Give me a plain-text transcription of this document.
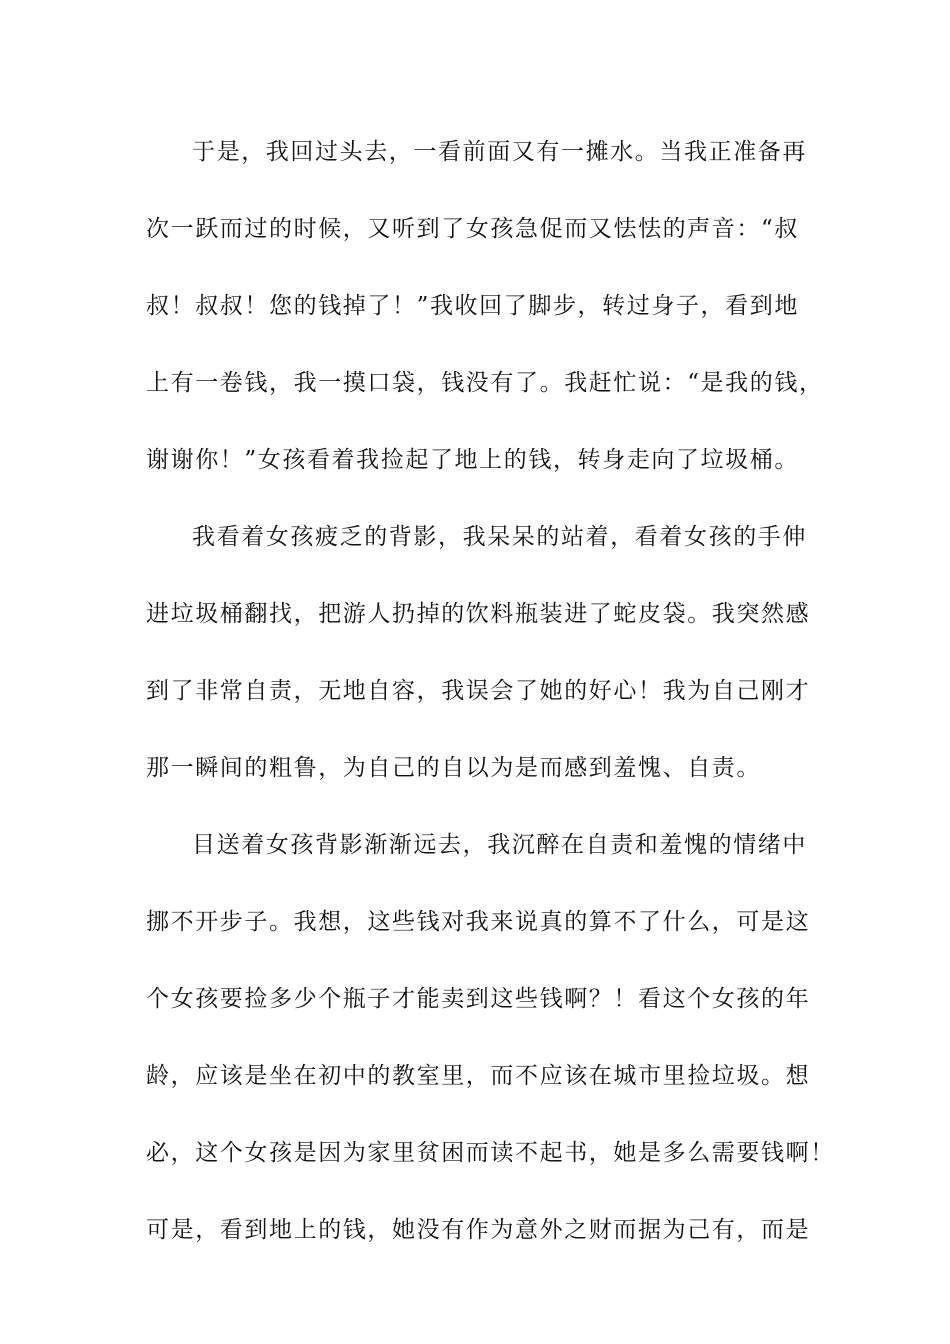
于是，我回过头去，一看前面又有一摊水。当我正准备再
次一跃而过的时候，又听到了女孩急促而又怯怯的声音：“叔
叔！叔叔！您的钱掉了！”我收回了脚步，转过身子，看到地
上有一卷钱，我一摸口袋，钱没有了。我赶忙说：“是我的钱，
谢谢你！”女孩看着我捡起了地上的钱，转身走向了垃圾桶。
我看着女孩疲乏的背影，我呆呆的站着，看着女孩的手伸
进垃圾桶翻找，把游人扔掉的饮料瓶装进了蛇皮袋。我突然感
到了非常自责，无地自容，我误会了她的好心！我为自己刚才
那一瞬间的粗鲁，为自己的自以为是而感到羞愧、自责。
目送着女孩背影渐渐远去，我沉醉在自责和羞愧的情绪中
挪不开步子。我想，这些钱对我来说真的算不了什么，可是这
个女孩要捡多少个瓶子才能卖到这些钱啊？！看这个女孩的年
龄，应该是坐在初中的教室里，而不应该在城市里捡垃圾。想
必，这个女孩是因为家里贫困而读不起书，她是多么需要钱啊！
可是，看到地上的钱，她没有作为意外之财而据为己有，而是
